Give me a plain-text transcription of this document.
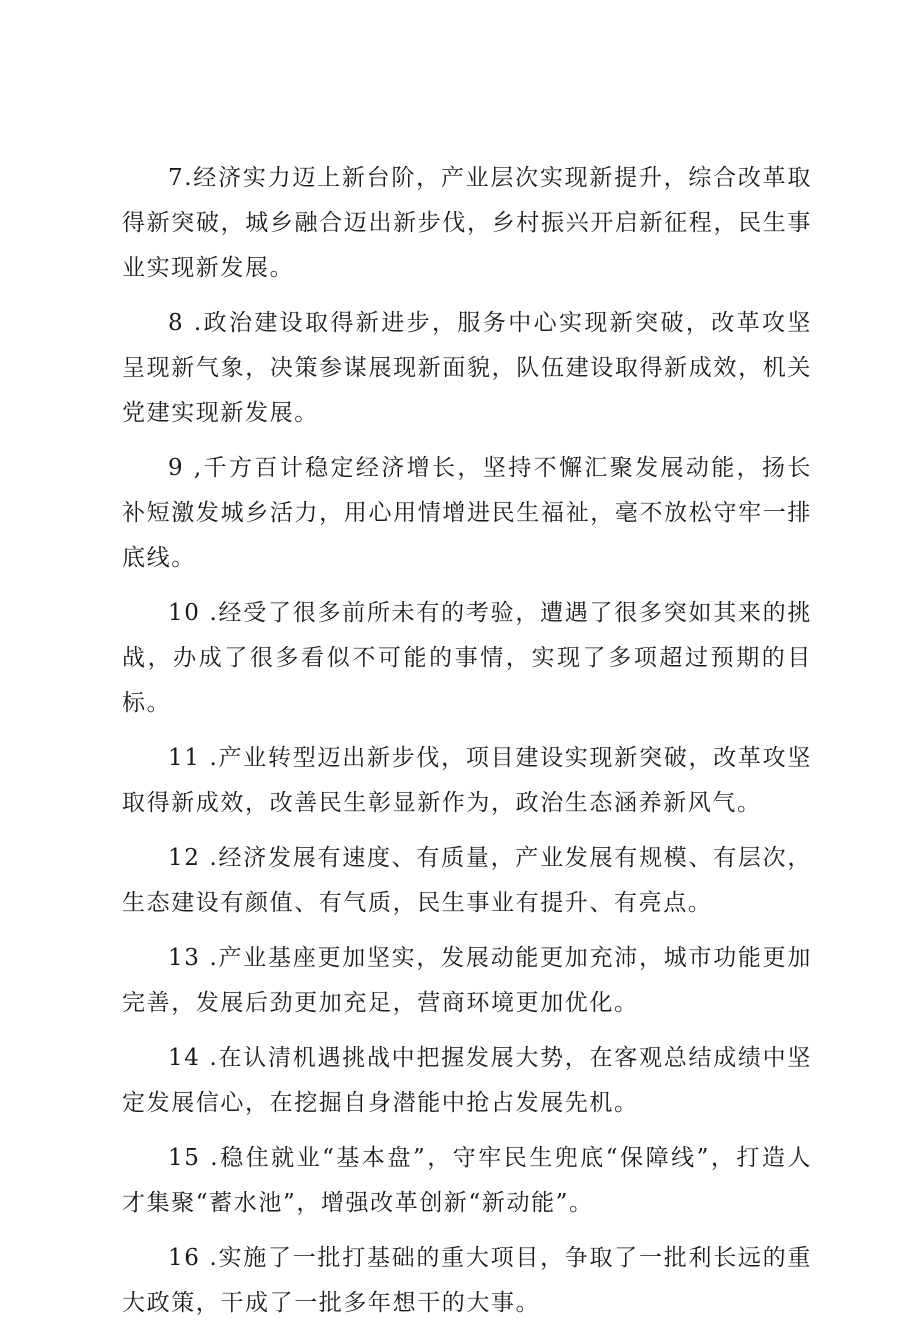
7.经济实力迈上新台阶，产业层次实现新提升，综合改革取得新突破，城乡融合迈出新步伐，乡村振兴开启新征程，民生事业实现新发展。

8 .政治建设取得新进步，服务中心实现新突破，改革攻坚呈现新气象，决策参谋展现新面貌，队伍建设取得新成效，机关党建实现新发展。

9 ,千方百计稳定经济增长，坚持不懈汇聚发展动能，扬长补短激发城乡活力，用心用情增进民生福祉，毫不放松守牢一排底线。

10 .经受了很多前所未有的考验，遭遇了很多突如其来的挑战，办成了很多看似不可能的事情，实现了多项超过预期的目标。

11 .产业转型迈出新步伐，项目建设实现新突破，改革攻坚取得新成效，改善民生彰显新作为，政治生态涵养新风气。

12 .经济发展有速度、有质量，产业发展有规模、有层次，生态建设有颜值、有气质，民生事业有提升、有亮点。

13 .产业基座更加坚实，发展动能更加充沛，城市功能更加完善，发展后劲更加充足，营商环境更加优化。

14 .在认清机遇挑战中把握发展大势，在客观总结成绩中坚定发展信心，在挖掘自身潜能中抢占发展先机。

15 .稳住就业“基本盘”，守牢民生兜底“保障线”，打造人才集聚“蓄水池”，增强改革创新“新动能”。

16 .实施了一批打基础的重大项目，争取了一批利长远的重大政策，干成了一批多年想干的大事。
